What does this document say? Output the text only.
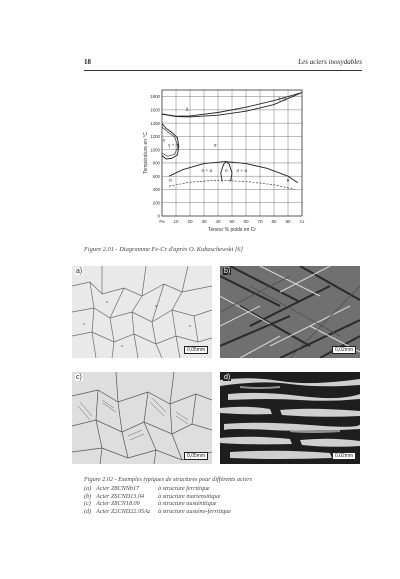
18	Les aciers inoxydables
Fe 10 20 30 40 50 60 70 80 90 Cr
0
200
400
600
800
1000
1200
1400
1600
1800
Teneur % poids en Cr
Température en °C
δ
L+δ
γ
γ + α	α
σ + α	σ σ + α
α	α
Figure 2.01 - Diagramme Fe-Cr d'après O. Kubaschewski [6]
a)
0,05mm
b)
0,02mm
c)
0,05mm
d)
0,02mm
Figure 2.02 - Exemples typiques de structures pour différents aciers
(a) Acier Z8CNNb17	à structure ferritique
(b) Acier Z5CND13.04	à structure martensitique
(c) Acier Z8CN18.09	à structure austénitique
(d) Acier Z2CND22.05Az	à structure austéno-ferritique
